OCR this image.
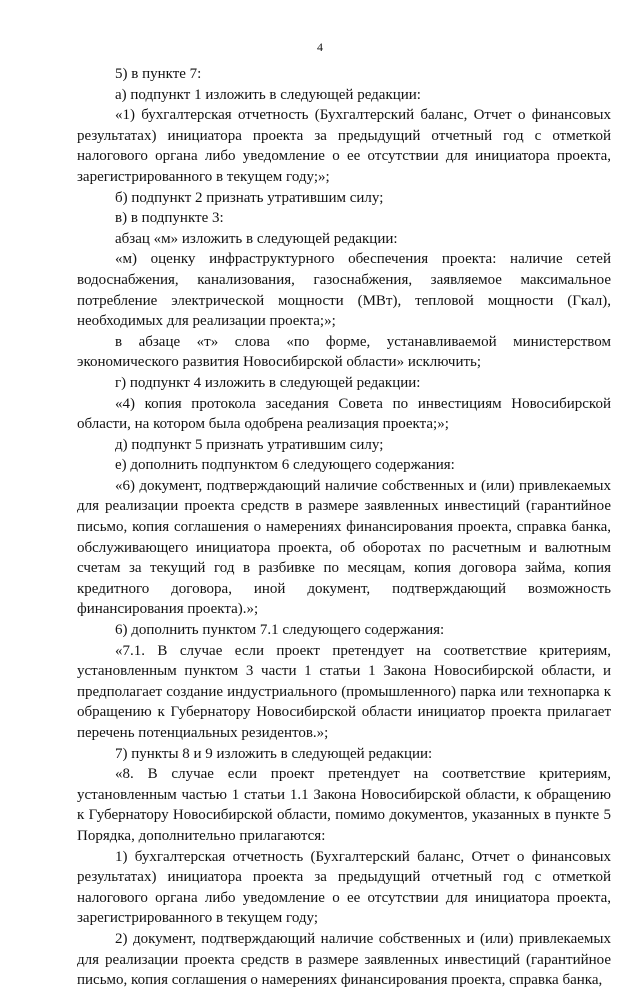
4

5) в пункте 7:

а) подпункт 1 изложить в следующей редакции:

«1) бухгалтерская отчетность (Бухгалтерский баланс, Отчет о финансовых результатах) инициатора проекта за предыдущий отчетный год с отметкой налогового органа либо уведомление о ее отсутствии для инициатора проекта, зарегистрированного в текущем году;»;

б) подпункт 2 признать утратившим силу;

в) в подпункте 3:

абзац «м» изложить в следующей редакции:

«м) оценку инфраструктурного обеспечения проекта: наличие сетей водоснабжения, канализования, газоснабжения, заявляемое максимальное потребление электрической мощности (МВт), тепловой мощности (Гкал), необходимых для реализации проекта;»;

в абзаце «т» слова «по форме, устанавливаемой министерством экономического развития Новосибирской области» исключить;

г) подпункт 4 изложить в следующей редакции:

«4) копия протокола заседания Совета по инвестициям Новосибирской области, на котором была одобрена реализация проекта;»;

д) подпункт 5 признать утратившим силу;

е) дополнить подпунктом 6 следующего содержания:

«6) документ, подтверждающий наличие собственных и (или) привлекаемых для реализации проекта средств в размере заявленных инвестиций (гарантийное письмо, копия соглашения о намерениях финансирования проекта, справка банка, обслуживающего инициатора проекта, об оборотах по расчетным и валютным счетам за текущий год в разбивке по месяцам, копия договора займа, копия кредитного договора, иной документ, подтверждающий возможность финансирования проекта).»;

6) дополнить пунктом 7.1 следующего содержания:

«7.1. В случае если проект претендует на соответствие критериям, установленным пунктом 3 части 1 статьи 1 Закона Новосибирской области, и предполагает создание индустриального (промышленного) парка или технопарка к обращению к Губернатору Новосибирской области инициатор проекта прилагает перечень потенциальных резидентов.»;

7) пункты 8 и 9 изложить в следующей редакции:

«8. В случае если проект претендует на соответствие критериям, установленным частью 1 статьи 1.1 Закона Новосибирской области, к обращению к Губернатору Новосибирской области, помимо документов, указанных в пункте 5 Порядка, дополнительно прилагаются:

1) бухгалтерская отчетность (Бухгалтерский баланс, Отчет о финансовых результатах) инициатора проекта за предыдущий отчетный год с отметкой налогового органа либо уведомление о ее отсутствии для инициатора проекта, зарегистрированного в текущем году;

2) документ, подтверждающий наличие собственных и (или) привлекаемых для реализации проекта средств в размере заявленных инвестиций (гарантийное письмо, копия соглашения о намерениях финансирования проекта, справка банка,
